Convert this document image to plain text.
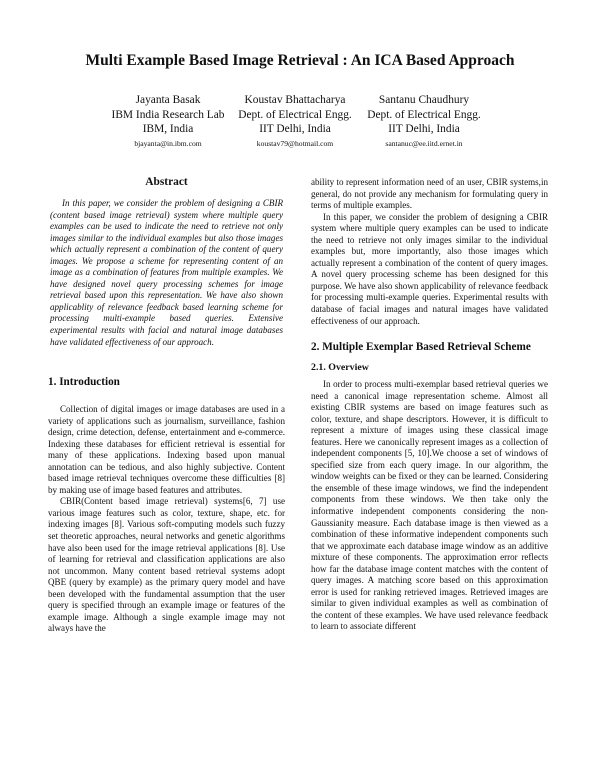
Multi Example Based Image Retrieval : An ICA Based Approach
Jayanta Basak
IBM India Research Lab
IBM, India
bjayanta@in.ibm.com
Koustav Bhattacharya
Dept. of Electrical Engg.
IIT Delhi, India
koustav79@hotmail.com
Santanu Chaudhury
Dept. of Electrical Engg.
IIT Delhi, India
santanuc@ee.iitd.ernet.in
Abstract
In this paper, we consider the problem of designing a CBIR (content based image retrieval) system where multiple query examples can be used to indicate the need to retrieve not only images similar to the individual examples but also those images which actually represent a combination of the content of query images. We propose a scheme for representing content of an image as a combination of features from multiple examples. We have designed novel query processing schemes for image retrieval based upon this representation. We have also shown applicablity of relevance feedback based learning scheme for processing multi-example based queries. Extensive experimental results with facial and natural image databases have validated effectiveness of our approach.
1. Introduction

Collection of digital images or image databases are used in a variety of applications such as journalism, surveillance, fashion design, crime detection, defense, entertainment and e-commerce. Indexing these databases for efficient retrieval is essential for many of these applications. Indexing based upon manual annotation can be tedious, and also highly subjective. Content based image retrieval techniques overcome these difficulties [8] by making use of image based features and attributes.

CBIR(Content based image retrieval) systems[6, 7] use various image features such as color, texture, shape, etc. for indexing images [8]. Various soft-computing models such fuzzy set theoretic approaches, neural networks and genetic algorithms have also been used for the image retrieval applications [8]. Use of learning for retrieval and classification applications are also not uncommon. Many content based retrieval systems adopt QBE (query by example) as the primary query model and have been developed with the fundamental assumption that the user query is specified through an example image or features of the example image. Although a single example image may not always have the

ability to represent information need of an user, CBIR systems,in general, do not provide any mechanism for formulating query in terms of multiple examples.

In this paper, we consider the problem of designing a CBIR system where multiple query examples can be used to indicate the need to retrieve not only images similar to the individual examples but, more importantly, also those images which actually represent a combination of the content of query images. A novel query processing scheme has been designed for this purpose. We have also shown applicability of relevance feedback for processing multi-example queries. Experimental results with database of facial images and natural images have validated effectiveness of our approach.

2. Multiple Exemplar Based Retrieval Scheme
2.1. Overview

In order to process multi-exemplar based retrieval queries we need a canonical image representation scheme. Almost all existing CBIR systems are based on image features such as color, texture, and shape descriptors. However, it is difficult to represent a mixture of images using these classical image features. Here we canonically represent images as a collection of independent components [5, 10].We choose a set of windows of specified size from each query image. In our algorithm, the window weights can be fixed or they can be learned. Considering the ensemble of these image windows, we find the independent components from these windows. We then take only the informative independent components considering the non-Gaussianity measure. Each database image is then viewed as a combination of these informative independent components such that we approximate each database image window as an additive mixture of these components. The approximation error reflects how far the database image content matches with the content of query images. A matching score based on this approximation error is used for ranking retrieved images. Retrieved images are similar to given individual examples as well as combination of the content of these examples. We have used relevance feedback to learn to associate different
